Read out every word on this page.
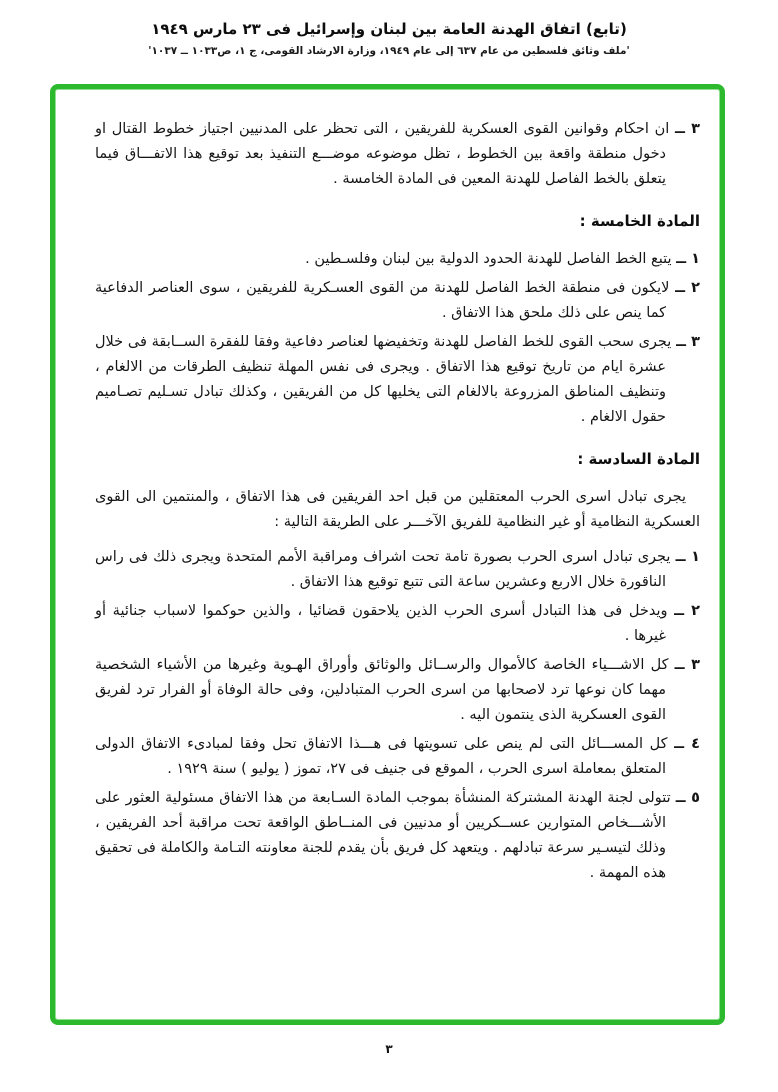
(تابع) اتفاق الهدنة العامة بين لبنان وإسرائيل فى ٢٣ مارس ١٩٤٩
'ملف وثائق فلسطين من عام ٦٣٧ إلى عام ١٩٤٩، وزارة الارشاد القومى، ج ١، ص١٠٣٣ ــ ١٠٣٧'

٣ ــ ان احكام وقوانين القوى العسكرية للفريقين ، التى تحظر على المدنيين اجتياز خطوط القتال او دخول منطقة واقعة بين الخطوط ، تظل موضوعه موضـــع التنفيذ بعد توقيع هذا الاتفـــاق فيما يتعلق بالخط الفاصل للهدنة المعين فى المادة الخامسة .

المادة الخامسة :

١ ــ يتبع الخط الفاصل للهدنة الحدود الدولية بين لبنان وفلسـطين .

٢ ــ لايكون فى منطقة الخط الفاصل للهدنة من القوى العسـكرية للفريقين ، سوى العناصر الدفاعية كما ينص على ذلك ملحق هذا الاتفاق .

٣ ــ يجرى سحب القوى للخط الفاصل للهدنة وتخفيضها لعناصر دفاعية وفقا للفقرة الســابقة فى خلال عشرة ايام من تاريخ توقيع هذا الاتفاق . ويجرى فى نفس المهلة تنظيف الطرقات من الالغام ، وتنظيف المناطق المزروعة بالالغام التى يخليها كل من الفريقين ، وكذلك تبادل تسـليم تصـاميم حقول الالغام .

المادة السادسة :

يجرى تبادل اسرى الحرب المعتقلين من قبل احد الفريقين فى هذا الاتفاق ، والمنتمين الى القوى العسكرية النظامية أو غير النظامية للفريق الآخـــر على الطريقة التالية :

١ ــ يجرى تبادل اسرى الحرب بصورة تامة تحت اشراف ومراقبة الأمم المتحدة ويجرى ذلك فى راس الناقورة خلال الاربع وعشرين ساعة التى تتبع توقيع هذا الاتفاق .

٢ ــ ويدخل فى هذا التبادل أسرى الحرب الذين يلاحقون قضائيا ، والذين حوكموا لاسباب جنائية أو غيرها .

٣ ــ كل الاشـــياء الخاصة كالأموال والرســائل والوثائق وأوراق الهـوية وغيرها من الأشياء الشخصية مهما كان نوعها ترد لاصحابها من اسرى الحرب المتبادلين، وفى حالة الوفاة أو الفرار ترد لفريق القوى العسكرية الذى ينتمون اليه .

٤ ــ كل المســـائل التى لم ينص على تسويتها فى هـــذا الاتفاق تحل وفقا لمبادىء الاتفاق الدولى المتعلق بمعاملة اسرى الحرب ، الموقع فى جنيف فى ٢٧، تموز ( يوليو ) سنة ١٩٢٩ .

٥ ــ تتولى لجنة الهدنة المشتركة المنشأة بموجب المادة السـابعة من هذا الاتفاق مسئولية العثور على الأشـــخاص المتوارين عســكريين أو مدنيين فى المنــاطق الواقعة تحت مراقبة أحد الفريقين ، وذلك لتيسـير سرعة تبادلهم . ويتعهد كل فريق بأن يقدم للجنة معاونته التـامة والكاملة فى تحقيق هذه المهمة .

٣
